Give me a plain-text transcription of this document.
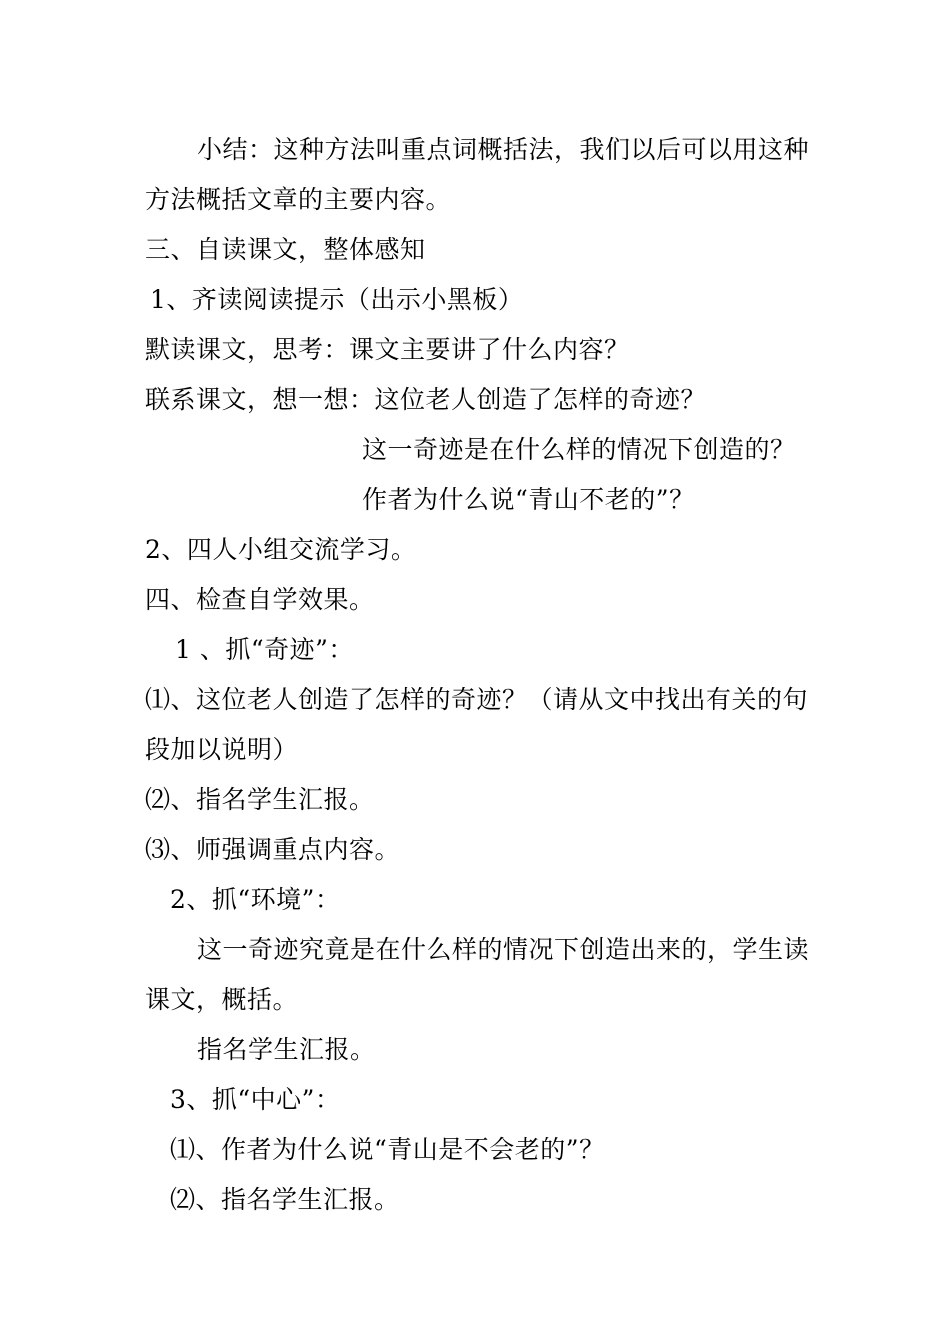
小结：这种方法叫重点词概括法，我们以后可以用这种
方法概括文章的主要内容。
三、自读课文，整体感知
1、齐读阅读提示（出示小黑板）
默读课文，思考：课文主要讲了什么内容？
联系课文，想一想：这位老人创造了怎样的奇迹？
这一奇迹是在什么样的情况下创造的？
作者为什么说“青山不老的”？
2、四人小组交流学习。
四、检查自学效果。
1 、抓“奇迹”：
⑴、这位老人创造了怎样的奇迹？（请从文中找出有关的句
段加以说明）
⑵、指名学生汇报。
⑶、师强调重点内容。
2、抓“环境”：
这一奇迹究竟是在什么样的情况下创造出来的，学生读
课文，概括。
指名学生汇报。
3、抓“中心”：
⑴、作者为什么说“青山是不会老的”？
⑵、指名学生汇报。
